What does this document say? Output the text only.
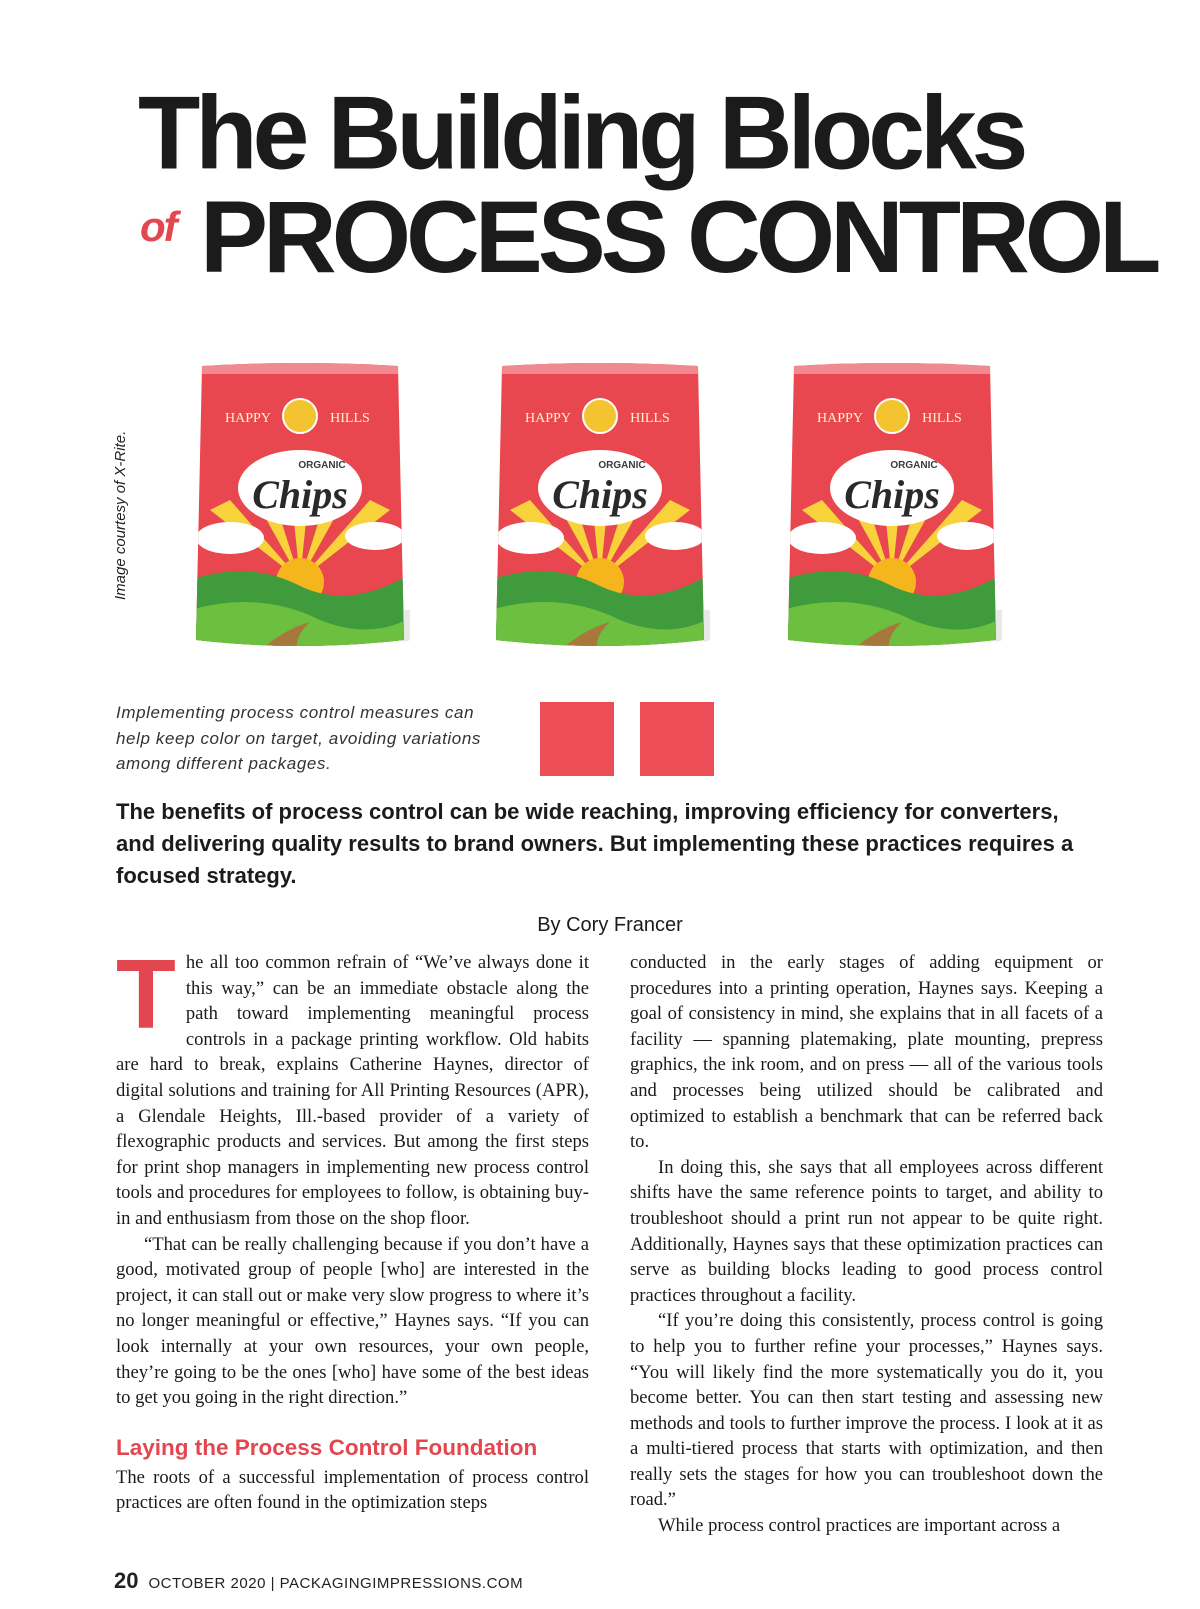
The Building Blocks
of PROCESS CONTROL
Image courtesy of X-Rite.
HAPPY	HILLS
ORGANIC
Chips
HAPPY	HILLS
ORGANIC
Chips
HAPPY	HILLS
ORGANIC
Chips
Implementing process control measures can help keep color on target, avoiding variations among different packages.
The benefits of process control can be wide reaching, improving efficiency for converters, and delivering quality results to brand owners. But implementing these practices requires a focused strategy.
By Cory Francer
T he all too common refrain of “We’ve always done it this way,” can be an immediate obstacle along the path toward implementing meaningful process controls in a package printing workflow. Old habits are hard to break, explains Catherine Haynes, director of digital solutions and training for All Printing Resources (APR), a Glendale Heights, Ill.-based provider of a variety of flexographic products and services. But among the first steps for print shop managers in implementing new process control tools and procedures for employees to follow, is obtaining buy-in and enthusiasm from those on the shop floor.

“That can be really challenging because if you don’t have a good, motivated group of people [who] are interested in the project, it can stall out or make very slow progress to where it’s no longer meaningful or effective,” Haynes says. “If you can look internally at your own resources, your own people, they’re going to be the ones [who] have some of the best ideas to get you going in the right direction.”

Laying the Process Control Foundation

The roots of a successful implementation of process control practices are often found in the optimization steps

conducted in the early stages of adding equipment or procedures into a printing operation, Haynes says. Keeping a goal of consistency in mind, she explains that in all facets of a facility — spanning platemaking, plate mounting, prepress graphics, the ink room, and on press — all of the various tools and processes being utilized should be calibrated and optimized to establish a benchmark that can be referred back to.

In doing this, she says that all employees across different shifts have the same reference points to target, and ability to troubleshoot should a print run not appear to be quite right. Additionally, Haynes says that these optimization practices can serve as building blocks leading to good process control practices throughout a facility.

“If you’re doing this consistently, process control is going to help you to further refine your processes,” Haynes says. “You will likely find the more systematically you do it, you become better. You can then start testing and assessing new methods and tools to further improve the process. I look at it as a multi-tiered process that starts with optimization, and then really sets the stages for how you can troubleshoot down the road.”

While process control practices are important across a

20 OCTOBER 2020 | PACKAGINGIMPRESSIONS.COM
